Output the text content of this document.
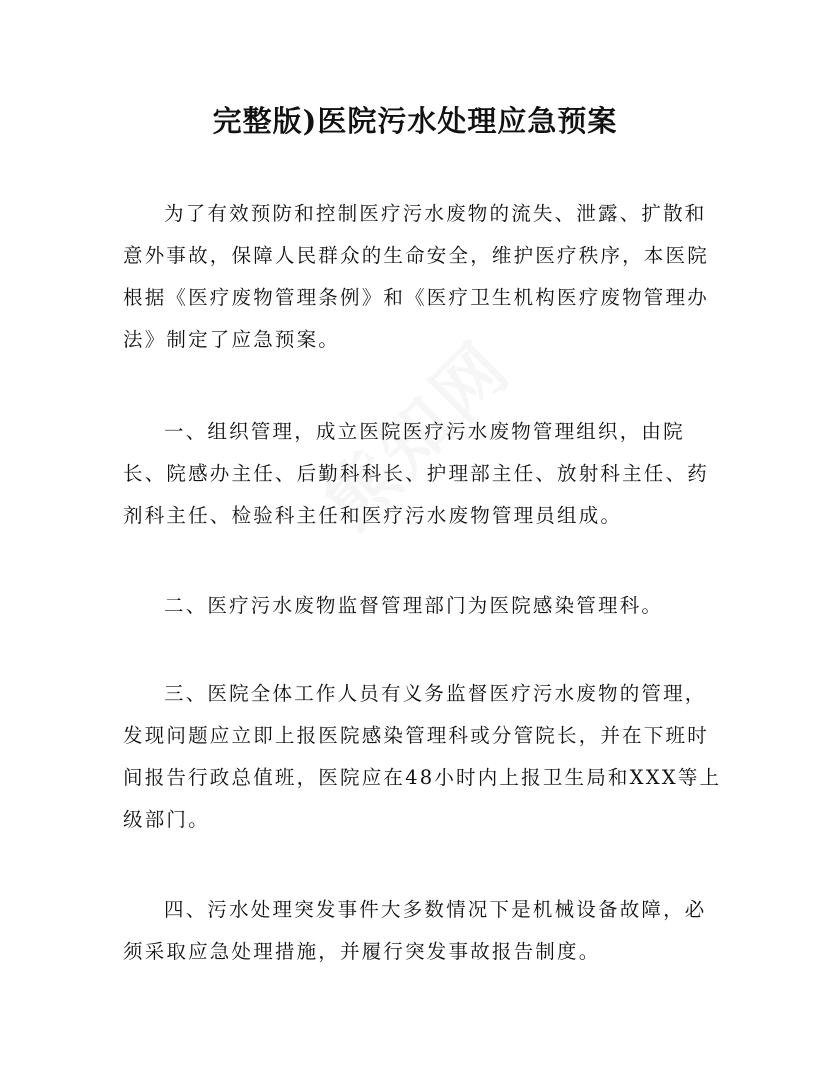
完整版)医院污水处理应急预案

为了有效预防和控制医疗污水废物的流失、泄露、扩散和意外事故，保障人民群众的生命安全，维护医疗秩序，本医院根据《医疗废物管理条例》和《医疗卫生机构医疗废物管理办法》制定了应急预案。

一、组织管理，成立医院医疗污水废物管理组织，由院长、院感办主任、后勤科科长、护理部主任、放射科主任、药剂科主任、检验科主任和医疗污水废物管理员组成。

二、医疗污水废物监督管理部门为医院感染管理科。

三、医院全体工作人员有义务监督医疗污水废物的管理，发现问题应立即上报医院感染管理科或分管院长，并在下班时间报告行政总值班，医院应在48小时内上报卫生局和XXX等上级部门。

四、污水处理突发事件大多数情况下是机械设备故障，必须采取应急处理措施，并履行突发事故报告制度。
